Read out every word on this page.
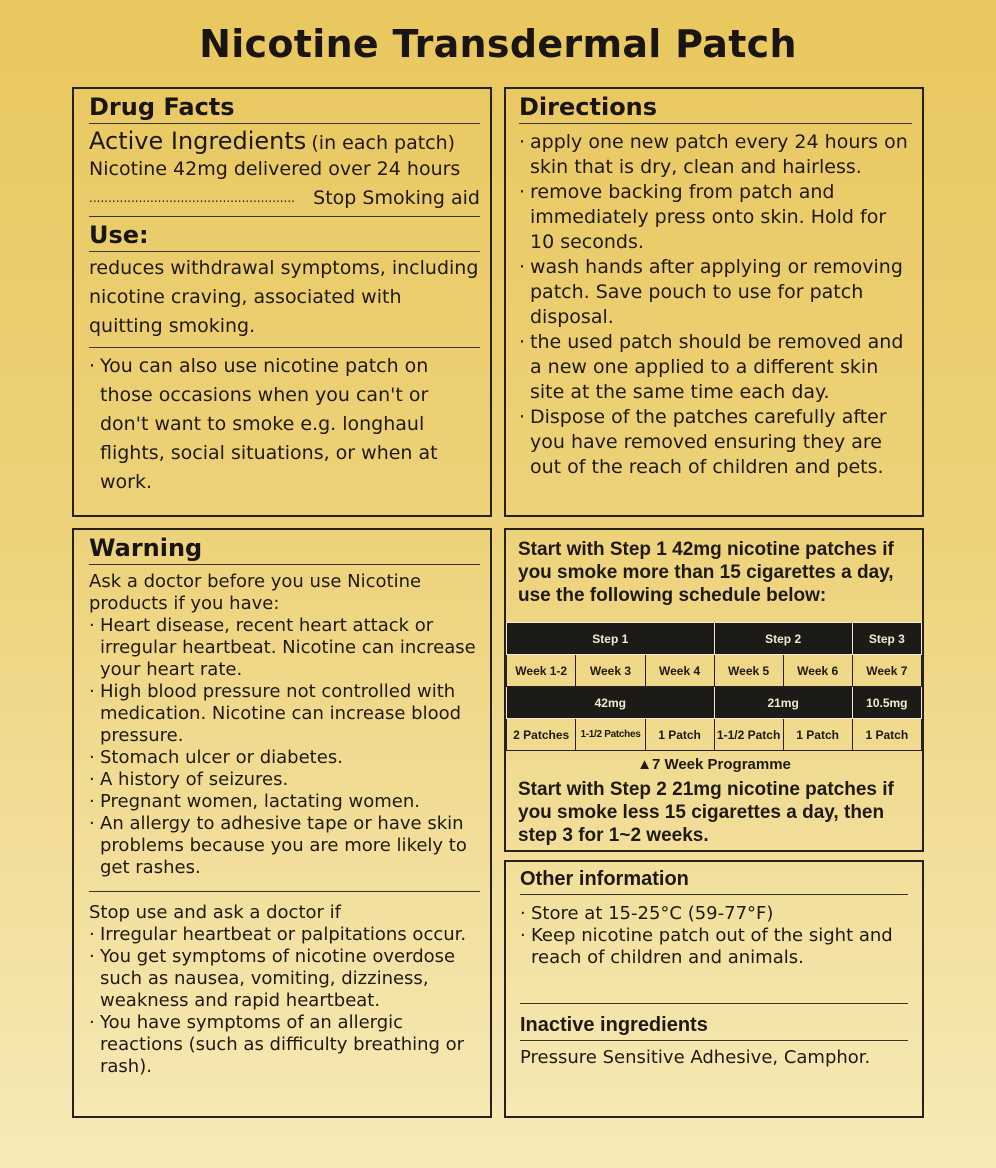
Nicotine Transdermal Patch
Drug Facts
Active Ingredients (in each patch)
Nicotine 42mg delivered over 24 hours
...................................................... Stop Smoking aid
Use:
reduces withdrawal symptoms, including nicotine craving, associated with quitting smoking.
· You can also use nicotine patch on those occasions when you can't or don't want to smoke e.g. longhaul flights, social situations, or when at work.
Directions
· apply one new patch every 24 hours on skin that is dry, clean and hairless.
· remove backing from patch and immediately press onto skin. Hold for 10 seconds.
· wash hands after applying or removing patch. Save pouch to use for patch disposal.
· the used patch should be removed and a new one applied to a different skin site at the same time each day.
· Dispose of the patches carefully after you have removed ensuring they are out of the reach of children and pets.
Warning
Ask a doctor before you use Nicotine products if you have:
· Heart disease, recent heart attack or irregular heartbeat. Nicotine can increase your heart rate.
· High blood pressure not controlled with medication. Nicotine can increase blood pressure.
· Stomach ulcer or diabetes.
· A history of seizures.
· Pregnant women, lactating women.
· An allergy to adhesive tape or have skin problems because you are more likely to get rashes.
Stop use and ask a doctor if
· Irregular heartbeat or palpitations occur.
· You get symptoms of nicotine overdose such as nausea, vomiting, dizziness, weakness and rapid heartbeat.
· You have symptoms of an allergic reactions (such as difficulty breathing or rash).
Start with Step 1 42mg nicotine patches if you smoke more than 15 cigarettes a day, use the following schedule below:
Step 1			Step 2		Step 3
Week 1-2	Week 3	Week 4	Week 5	Week 6	Week 7
42mg			21mg		10.5mg
2 Patches	1-1/2 Patches	1 Patch	1-1/2 Patch	1 Patch	1 Patch
▲7 Week Programme
Start with Step 2 21mg nicotine patches if you smoke less 15 cigarettes a day, then step 3 for 1~2 weeks.
Other information
· Store at 15-25°C (59-77°F)
· Keep nicotine patch out of the sight and reach of children and animals.
Inactive ingredients
Pressure Sensitive Adhesive, Camphor.
